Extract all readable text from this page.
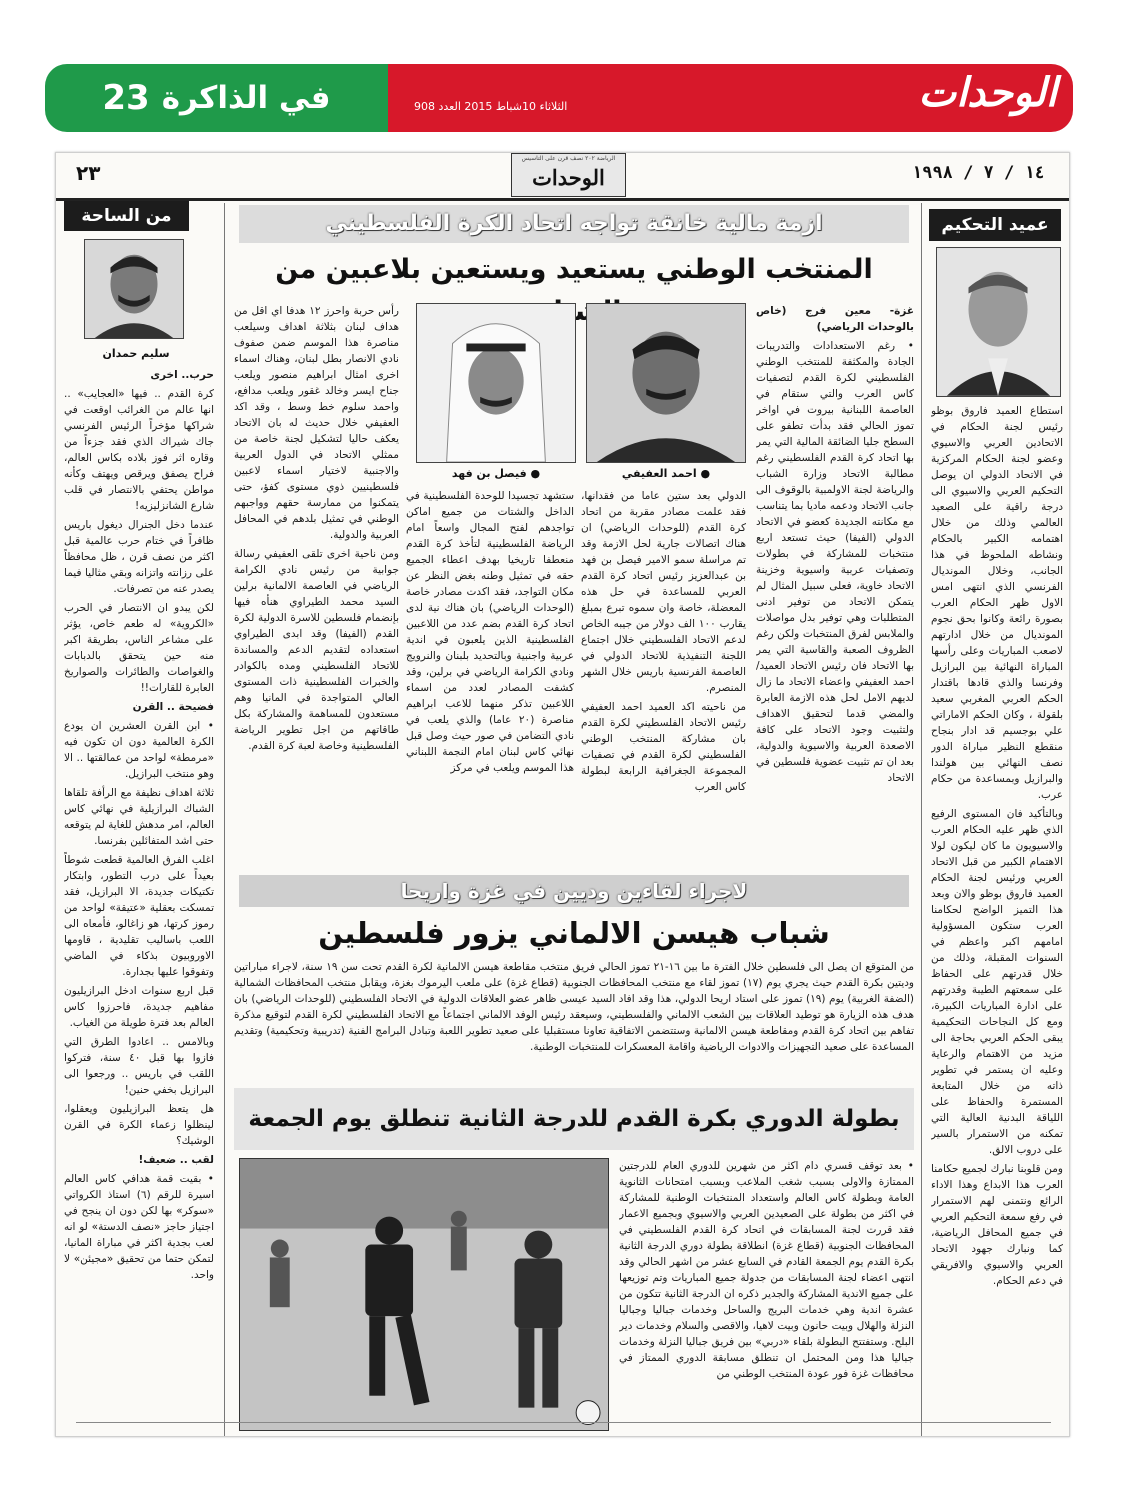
23 في الذاكرة	الثلاثاء 10شباط 2015 العدد 908	الوحدات
٢٣
الرياضة ٢٠٢ نصف قرن على التاسيس
الوحدات	١٤ / ٧ / ١٩٩٨
من الساحة
سليم حمدان

حرب.. اخرى

كرة القدم .. فيها «العجايب» .. انها عالم من الغرائب اوقعت في شراكها مؤخراً الرئيس الفرنسي جاك شيراك الذي فقد جزءاً من وقاره اثر فوز بلاده بكاس العالم، فراح يصفق ويرقص ويهتف وكأنه مواطن يحتفي بالانتصار في قلب شارع الشانزليزيه!

عندما دخل الجنرال ديغول باريس ظافراً في ختام حرب عالمية قبل اكثر من نصف قرن ، ظل محافظاً على رزانته واتزانه وبقي مثاليا فيما يصدر عنه من تصرفات.

لكن يبدو ان الانتصار في الحرب «الكروية» له طعم خاص، يؤثر على مشاعر الناس، بطريقة اكبر منه حين يتحقق بالدبابات والغواصات والطائرات والصواريخ العابرة للقارات!!

فضيحة .. القرن

• ابن القرن العشرين ان يودع الكرة العالمية دون ان تكون فيه «مرمطة» لواحد من عمالقتها .. الا وهو منتخب البرازيل.

ثلاثة اهداف نظيفة مع الرأفة تلقاها الشباك البرازيلية في نهائي كاس العالم، امر مدهش للغاية لم يتوقعه حتى اشد المتفائلين بفرنسا.

اغلب الفرق العالمية قطعت شوطاً بعيداً على درب التطور، وابتكار تكتيكات جديدة، الا البرازيل، فقد تمسكت بعقلية «عتيقة» لواحد من رموز كرتها، هو زاغالو، فأمعاه الى اللعب باساليب تقليدية ، قاومها الاوروبيون بذكاء في الماضي وتفوقوا عليها بجدارة.

قبل اربع سنوات ادخل البرازيليون مفاهيم جديدة، فاحرزوا كاس العالم بعد فترة طويلة من الغياب.

وبالامس .. اعادوا الطرق التي فازوا بها قبل ٤٠ سنة، فتركوا اللقب في باريس .. ورجعوا الى البرازيل بخفي حنين!

هل يتعظ البرازيليون ويعقلوا، لينظلوا زعماء الكرة في القرن الوشيك؟

لقب .. ضعيف!

• بقيت قمة هدافي كاس العالم اسيرة للرقم (٦) استاذ الكرواتي «سوكر» بها لكن دون ان ينجح في اجتياز حاجز «نصف الدستة» لو انه لعب بجدية اكثر في مباراة المانيا، لتمكن حتما من تحقيق «مجيئن» لا واحد.

عميد التحكيم

استطاع العميد فاروق بوظو رئيس لجنة الحكام في الاتحادين العربي والاسيوي وعضو لجنة الحكام المركزية في الاتحاد الدولي ان يوصل التحكيم العربي والاسيوي الى درجة راقية على الصعيد العالمي وذلك من خلال اهتمامه الكبير بالحكام ونشاطه الملحوظ في هذا الجانب، وخلال المونديال الفرنسي الذي انتهى امس الاول ظهر الحكام العرب بصورة رائعة وكانوا بحق نجوم المونديال من خلال ادارتهم لاصعب المباريات وعلى رأسها المباراة النهائية بين البرازيل وفرنسا والذي قادها باقتدار الحكم العربي المغربي سعيد بلقولة ، وكان الحكم الاماراتي علي بوجسيم قد ادار بنجاح منقطع النظير مباراة الدور نصف النهائي بين هولندا والبرازيل وبمساعدة من حكام عرب.

وبالتأكيد فان المستوى الرفيع الذي ظهر عليه الحكام العرب والاسيويون ما كان ليكون لولا الاهتمام الكبير من قبل الاتحاد العربي ورئيس لجنة الحكام العميد فاروق بوظو والان وبعد هذا التميز الواضح لحكامنا العرب ستكون المسؤولية امامهم اكبر واعظم في السنوات المقبلة، وذلك من خلال قدرتهم على الحفاظ على سمعتهم الطيبة وقدرتهم على ادارة المباريات الكبيرة، ومع كل النجاحات التحكيمية يبقى الحكم العربي بحاجة الى مزيد من الاهتمام والرعاية وعليه ان يستمر في تطوير ذاته من خلال المتابعة المستمرة والحفاظ على اللياقة البدنية العالية التي تمكنه من الاستمرار بالسير على دروب الالق.

ومن قلوبنا نبارك لجميع حكامنا العرب هذا الابداع وهذا الاداء الرائع ونتمنى لهم الاستمرار في رفع سمعة التحكيم العربي في جميع المحافل الرياضية، كما ونبارك جهود الاتحاد العربي والاسيوي والافريقي في دعم الحكام.

ازمة مالية خانقة تواجه اتحاد الكرة الفلسطيني
المنتخب الوطني يستعيد ويستعين بلاعبين من
● احمد العفيفي
● فيصل بن فهد

غزة- معين فرج (خاص بالوحدات الرياضي)

• رغم الاستعدادات والتدريبات الجادة والمكثفة للمنتخب الوطني الفلسطيني لكرة القدم لتصفيات كاس العرب والتي ستقام في العاصمة اللبنانية بيروت في اواخر تموز الحالي فقد بدأت تطفو على السطح جليا الضائقة المالية التي يمر بها اتحاد كرة القدم الفلسطيني رغم مطالبة الاتحاد وزارة الشباب والرياضة لجنة الاولمبية بالوقوف الى جانب الاتحاد ودعمه ماديا بما يتناسب مع مكانته الجديدة كعضو في الاتحاد الدولي (الفيفا) حيث تستعد اربع منتخبات للمشاركة في بطولات وتصفيات عربية واسيوية وخزينة الاتحاد خاوية، فعلى سبيل المثال لم يتمكن الاتحاد من توفير ادنى المتطلبات وهي توفير بدل مواصلات والملابس لفرق المنتخبات ولكن رغم الظروف الصعبة والقاسية التي يمر بها الاتحاد فان رئيس الاتحاد العميد/ احمد العفيفي واعضاء الاتحاد ما زال لديهم الامل لحل هذه الازمة العابرة والمضي قدما لتحقيق الاهداف ولتثبيت وجود الاتحاد على كافة الاصعدة العربية والاسيوية والدولية، بعد ان تم تثبيت عضوية فلسطين في الاتحاد

الدولي بعد ستين عاما من فقدانها، فقد علمت مصادر مقربة من اتحاد كرة القدم (للوحدات الرياضي) ان هناك اتصالات جارية لحل الازمة وقد تم مراسلة سمو الامير فيصل بن فهد بن عبدالعزيز رئيس اتحاد كرة القدم العربي للمساعدة في حل هذه المعضلة، خاصة وان سموه تبرع بمبلغ يقارب ١٠٠ الف دولار من جيبه الخاص لدعم الاتحاد الفلسطيني خلال اجتماع اللجنة التنفيذية للاتحاد الدولي في العاصمة الفرنسية باريس خلال الشهر المنصرم.

من ناحيته اكد العميد احمد العفيفي رئيس الاتحاد الفلسطيني لكرة القدم بان مشاركة المنتخب الوطني الفلسطيني لكرة القدم في تصفيات المجموعة الجغرافية الرابعة لبطولة كاس العرب

ستشهد تجسيدا للوحدة الفلسطينية في الداخل والشتات من جميع اماكن تواجدهم لفتح المجال واسعاً امام الرياضة الفلسطينية لتأخذ كرة القدم منعطفا تاريخيا بهدف اعطاء الجميع حقه في تمثيل وطنه بغض النظر عن مكان التواجد، فقد اكدت مصادر خاصة (الوحدات الرياضي) بان هناك نية لدى اتحاد كرة القدم بضم عدد من اللاعبين الفلسطينية الذين يلعبون في اندية عربية واجنبية وبالتحديد بلبنان والنرويج ونادي الكرامة الرياضي في برلين، وقد كشفت المصادر لعدد من اسماء اللاعبين تذكر منهما للاعب ابراهيم مناصرة (٢٠ عاما) والذي يلعب في نادي التضامن في صور حيث وصل قبل نهائي كاس لبنان امام النجمة اللبناني هذا الموسم ويلعب في مركز

رأس حربة واحرز ١٢ هدفا اي اقل من هداف لبنان بثلاثة اهداف وسيلعب مناصرة هذا الموسم ضمن صفوف نادي الانصار بطل لبنان، وهناك اسماء اخرى امثال ابراهيم منصور ويلعب جناح ايسر وخالد غقور ويلعب مدافع، واحمد سلوم خط وسط ، وقد اكد العفيفي خلال حديث له بان الاتحاد يعكف حاليا لتشكيل لجنة خاصة من ممثلي الاتحاد في الدول العربية والاجنبية لاختيار اسماء لاعبين فلسطينيين ذوي مستوى كفؤ، حتى يتمكنوا من ممارسة حقهم وواجبهم الوطني في تمثيل بلدهم في المحافل العربية والدولية.

ومن ناحية اخرى تلقى العفيفي رسالة جوابية من رئيس نادي الكرامة الرياضي في العاصمة الالمانية برلين السيد محمد الطيراوي هنأه فيها بإنضمام فلسطين للاسرة الدولية لكرة القدم (الفيفا) وقد ابدى الطيراوي استعداده لتقديم الدعم والمساندة للاتحاد الفلسطيني ومده بالكوادر والخبرات الفلسطينية ذات المستوى العالي المتواجدة في المانيا وهم مستعدون للمساهمة والمشاركة بكل طاقاتهم من اجل تطوير الرياضة الفلسطينية وخاصة لعبة كرة القدم.

لاجراء لقاءين وديين في غزة واريحا
شباب هيسن الالماني يزور فلسطين

من المتوقع ان يصل الى فلسطين خلال الفترة ما بين ١٦-٢١ تموز الحالي فريق منتخب مقاطعة هيسن الالمانية لكرة القدم تحت سن ١٩ سنة، لاجراء مباراتين وديتين بكرة القدم حيث يجري يوم (١٧) تموز لقاء مع منتخب المحافظات الجنوبية (قطاع غزة) على ملعب اليرموك بغزة، ويقابل منتخب المحافظات الشمالية (الضفة الغربية) يوم (١٩) تموز على استاد اريحا الدولي، هذا وقد افاد السيد عيسى ظاهر عضو العلاقات الدولية في الاتحاد الفلسطيني (للوحدات الرياضي) بان هدف هذه الزيارة هو توطيد العلاقات بين الشعب الالماني والفلسطيني، وسيعقد رئيس الوفد الالماني اجتماعاً مع الاتحاد الفلسطيني لكرة القدم لتوقيع مذكرة تفاهم بين اتحاد كرة القدم ومقاطعة هيسن الالمانية وستتضمن الاتفاقية تعاونا مستقبليا على صعيد تطوير اللعبة وتبادل البرامج الفنية (تدريبية وتحكيمية) وتقديم المساعدة على صعيد التجهيزات والادوات الرياضية واقامة المعسكرات للمنتخبات الوطنية.

بطولة الدوري بكرة القدم للدرجة الثانية تنطلق يوم الجمعة

• بعد توقف قسري دام اكثر من شهرين للدوري العام للدرجتين الممتازة والاولى بسبب شغب الملاعب وبسبب امتحانات الثانوية العامة وبطولة كاس العالم واستعداد المنتخبات الوطنية للمشاركة في اكثر من بطولة على الصعيدين العربي والاسيوي وبجميع الاعمار فقد قررت لجنة المسابقات في اتحاد كرة القدم الفلسطيني في المحافظات الجنوبية (قطاع غزة) انطلاقة بطولة دوري الدرجة الثانية بكرة القدم يوم الجمعة القادم في السابع عشر من اشهر الحالي وقد انتهى اعضاء لجنة المسابقات من جدولة جميع المباريات وتم توزيعها على جميع الاندية المشاركة والجدير ذكره ان الدرجة الثانية تتكون من عشرة اندية وهي خدمات البريج والساحل وخدمات جباليا وجباليا النزلة والهلال وبيت حانون وبيت لاهيا، والاقصى والسلام وخدمات دير البلح. وستفتتح البطولة بلقاء «دربي» بين فريق جباليا النزلة وخدمات جباليا هذا ومن المحتمل ان تنطلق مسابقة الدوري الممتاز في محافظات غزة فور عودة المنتخب الوطني من
